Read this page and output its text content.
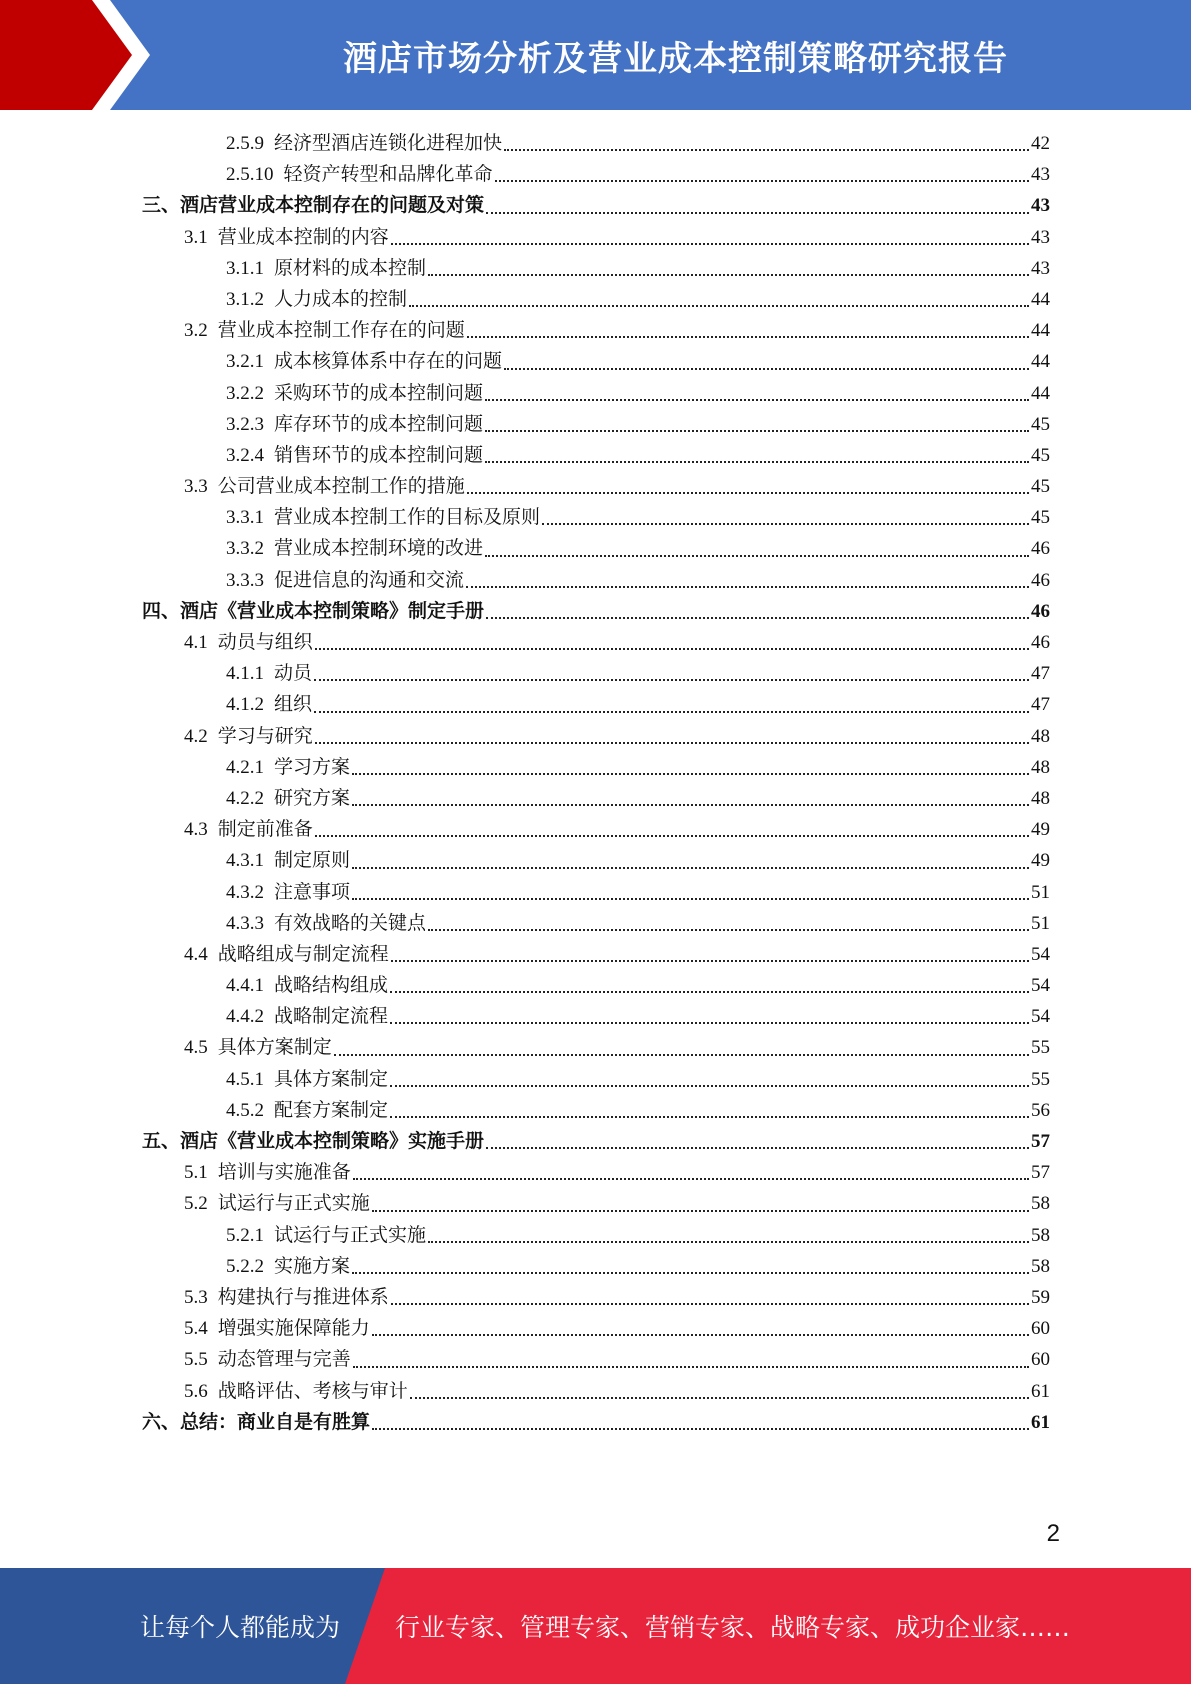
酒店市场分析及营业成本控制策略研究报告
2.5.9 经济型酒店连锁化进程加快	42
2.5.10 轻资产转型和品牌化革命	43
三、酒店营业成本控制存在的问题及对策	43
3.1 营业成本控制的内容	43
3.1.1 原材料的成本控制	43
3.1.2 人力成本的控制	44
3.2 营业成本控制工作存在的问题	44
3.2.1 成本核算体系中存在的问题	44
3.2.2 采购环节的成本控制问题	44
3.2.3 库存环节的成本控制问题	45
3.2.4 销售环节的成本控制问题	45
3.3 公司营业成本控制工作的措施	45
3.3.1 营业成本控制工作的目标及原则	45
3.3.2 营业成本控制环境的改进	46
3.3.3 促进信息的沟通和交流	46
四、酒店《营业成本控制策略》制定手册	46
4.1 动员与组织	46
4.1.1 动员	47
4.1.2 组织	47
4.2 学习与研究	48
4.2.1 学习方案	48
4.2.2 研究方案	48
4.3 制定前准备	49
4.3.1 制定原则	49
4.3.2 注意事项	51
4.3.3 有效战略的关键点	51
4.4 战略组成与制定流程	54
4.4.1 战略结构组成	54
4.4.2 战略制定流程	54
4.5 具体方案制定	55
4.5.1 具体方案制定	55
4.5.2 配套方案制定	56
五、酒店《营业成本控制策略》实施手册	57
5.1 培训与实施准备	57
5.2 试运行与正式实施	58
5.2.1 试运行与正式实施	58
5.2.2 实施方案	58
5.3 构建执行与推进体系	59
5.4 增强实施保障能力	60
5.5 动态管理与完善	60
5.6 战略评估、考核与审计	61
六、总结：商业自是有胜算	61
2
让每个人都能成为	行业专家、管理专家、营销专家、战略专家、成功企业家……
